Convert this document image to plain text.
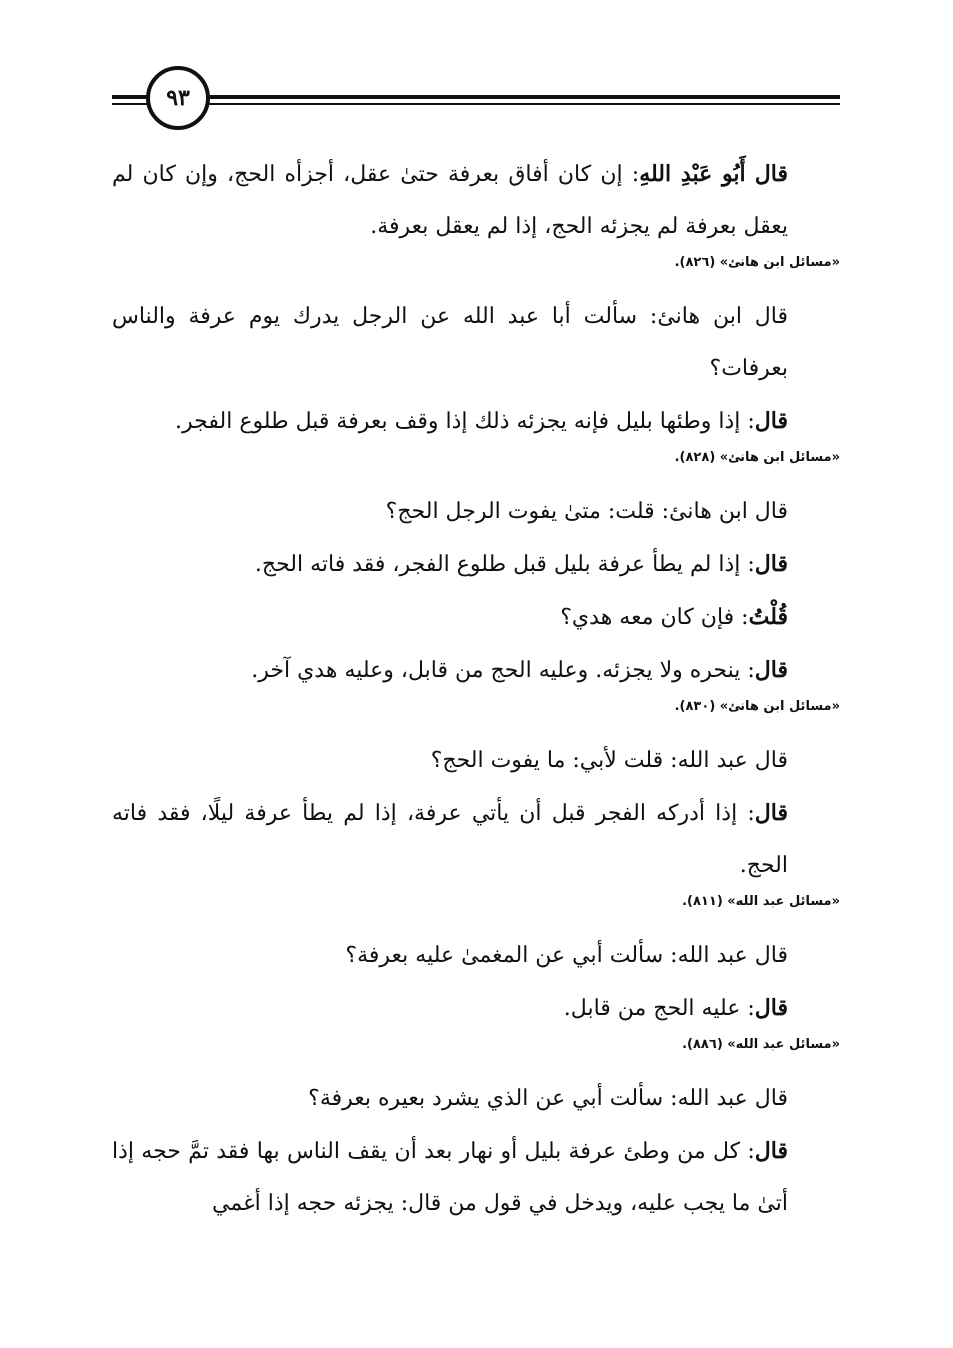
٩٣

قال أَبُو عَبْدِ اللهِ: إن كان أفاق بعرفة حتىٰ عقل، أجزأه الحج، وإن كان لم يعقل بعرفة لم يجزئه الحج، إذا لم يعقل بعرفة.

«مسائل ابن هانئ» (٨٢٦).

قال ابن هانئ: سألت أبا عبد الله عن الرجل يدرك يوم عرفة والناس بعرفات؟

قال: إذا وطئها بليل فإنه يجزئه ذلك إذا وقف بعرفة قبل طلوع الفجر.

«مسائل ابن هانئ» (٨٢٨).

قال ابن هانئ: قلت: متىٰ يفوت الرجل الحج؟

قال: إذا لم يطأ عرفة بليل قبل طلوع الفجر، فقد فاته الحج.

قُلْتُ: فإن كان معه هدي؟

قال: ينحره ولا يجزئه. وعليه الحج من قابل، وعليه هدي آخر.

«مسائل ابن هانئ» (٨٣٠).

قال عبد الله: قلت لأبي: ما يفوت الحج؟

قال: إذا أدركه الفجر قبل أن يأتي عرفة، إذا لم يطأ عرفة ليلًا، فقد فاته الحج.

«مسائل عبد الله» (٨١١).

قال عبد الله: سألت أبي عن المغمىٰ عليه بعرفة؟

قال: عليه الحج من قابل.

«مسائل عبد الله» (٨٨٦).

قال عبد الله: سألت أبي عن الذي يشرد بعيره بعرفة؟

قال: كل من وطئ عرفة بليل أو نهار بعد أن يقف الناس بها فقد تمَّ حجه إذا أتىٰ ما يجب عليه، ويدخل في قول من قال: يجزئه حجه إذا أغمي
